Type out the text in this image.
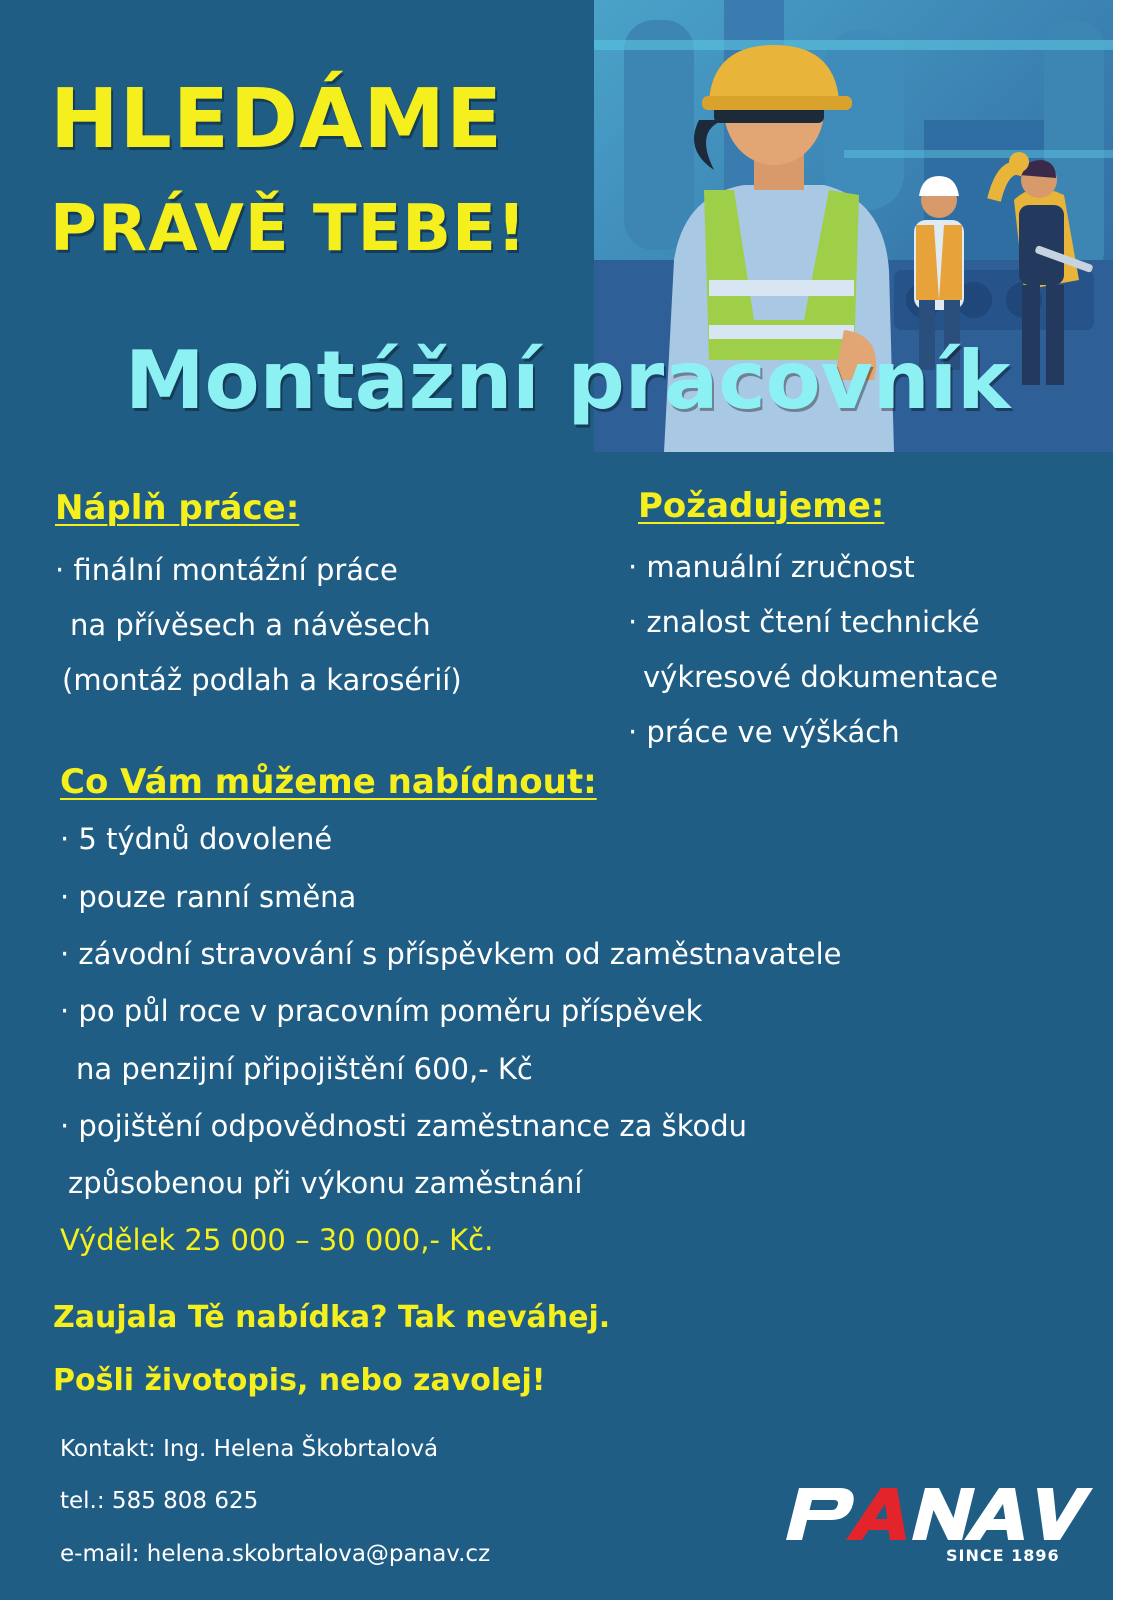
HLEDÁME
PRÁVĚ TEBE!
Montážní pracovník

Náplň práce:

· finální montážní práce

na přívěsech a návěsech

(montáž podlah a karosérií)

Požadujeme:

· manuální zručnost

· znalost čtení technické

výkresové dokumentace

· práce ve výškách

Co Vám můžeme nabídnout:

· 5 týdnů dovolené

· pouze ranní směna

· závodní stravování s příspěvkem od zaměstnavatele

· po půl roce v pracovním poměru příspěvek

na penzijní připojištění 600,- Kč

· pojištění odpovědnosti zaměstnance za škodu

způsobenou při výkonu zaměstnání

Výdělek 25 000 – 30 000,- Kč.

Zaujala Tě nabídka? Tak neváhej.

Pošli životopis, nebo zavolej!

Kontakt: Ing. Helena Škobrtalová

tel.: 585 808 625

e-mail: helena.skobrtalova@panav.cz	SINCE 1896
